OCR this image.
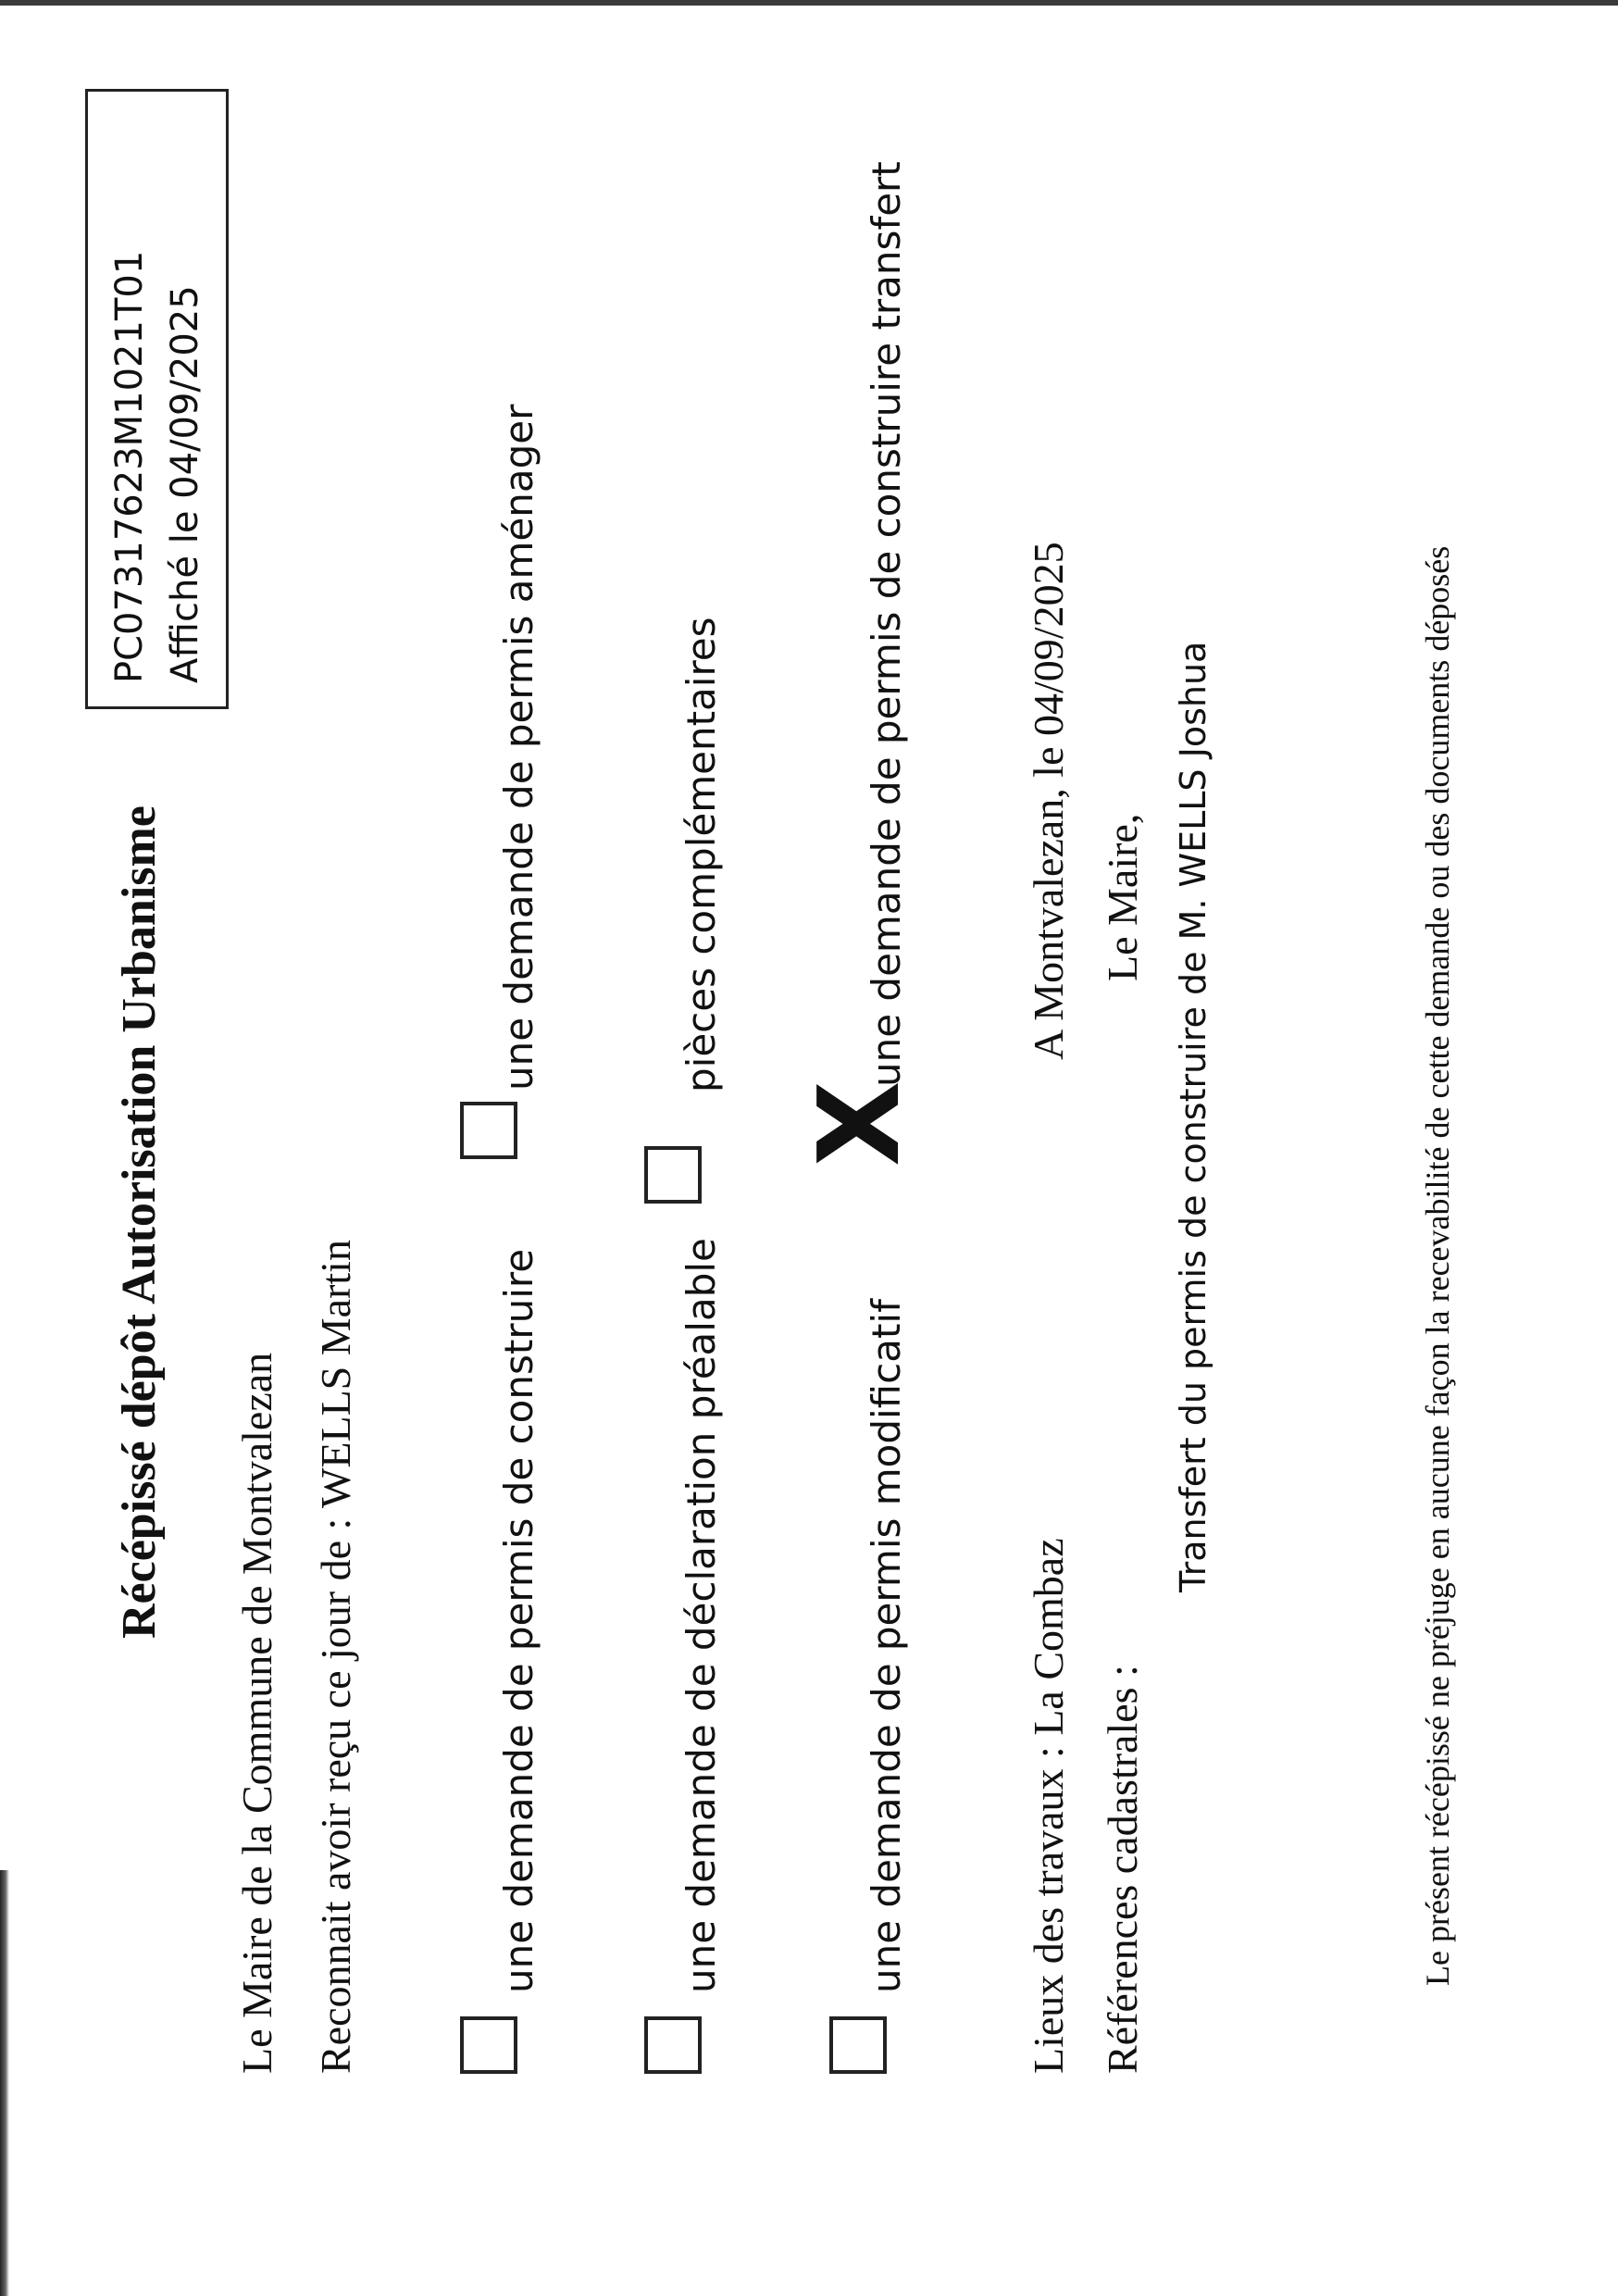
Récépissé dépôt Autorisation Urbanisme
PC07317623M1021T01 Affiché le 04/09/2025
Le Maire de la Commune de Montvalezan Reconnait avoir reçu ce jour de : WELLS Martin	une demande de permis de construire
une demande de permis aménager
une demande de déclaration préalable
pièces complémentaires
une demande de permis modificatif
X
une demande de permis de construire transfert
Lieux des travaux : La Combaz Références cadastrales :
A Montvalezan, le 04/09/2025 Le Maire, Transfert du permis de construire de M. WELLS Joshua	Le présent récépissé ne préjuge en aucune façon la recevabilité de cette demande ou des documents déposés
